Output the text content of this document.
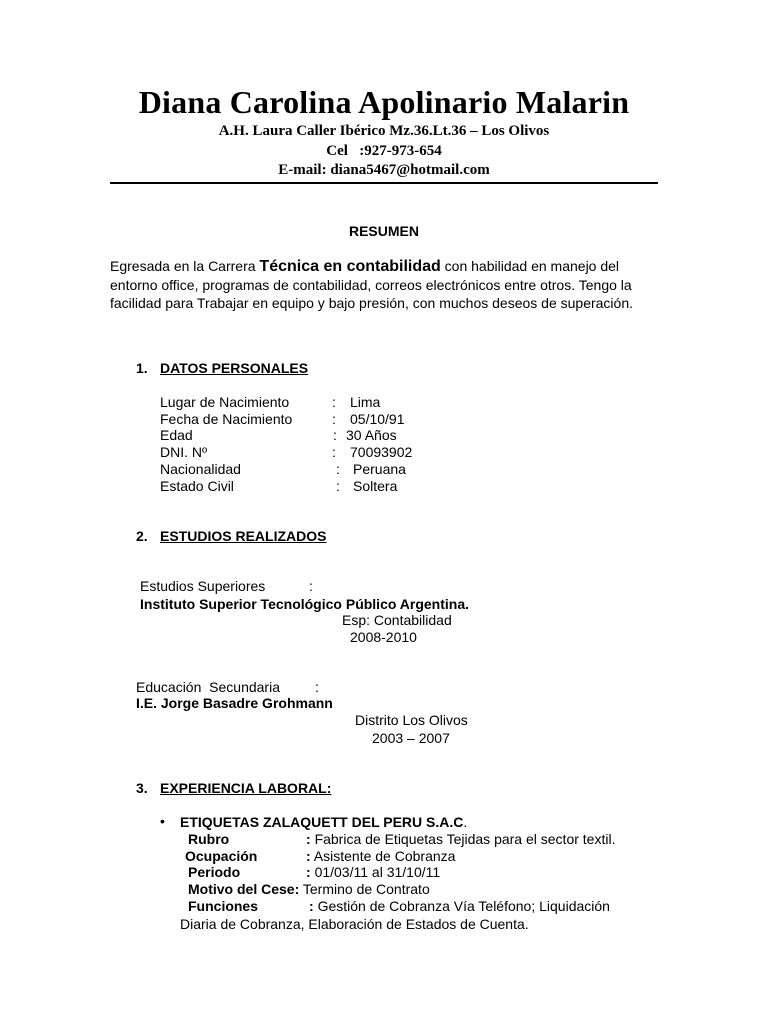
Diana Carolina Apolinario Malarin
A.H. Laura Caller Ibérico Mz.36.Lt.36 – Los Olivos
Cel   :927-973-654
E-mail: diana5467@hotmail.com
RESUMEN
Egresada en la Carrera Técnica en contabilidad con habilidad en manejo del entorno office, programas de contabilidad, correos electrónicos entre otros. Tengo la facilidad para Trabajar en equipo y bajo presión, con muchos deseos de superación.
1. DATOS PERSONALES
Lugar de Nacimiento	: Lima
Fecha de Nacimiento	: 05/10/91
Edad	: 30 Años
DNI. Nº	: 70093902
Nacionalidad	: Peruana
Estado Civil	: Soltera
2. ESTUDIOS REALIZADOS
Estudios Superiores	:
Instituto Superior Tecnológico Público Argentina.
Esp: Contabilidad
2008-2010
Educación  Secundaria	:
I.E. Jorge Basadre Grohmann
Distrito Los Olivos
2003 – 2007
3. EXPERIENCIA LABORAL:
• ETIQUETAS ZALAQUETT DEL PERU S.A.C.
Rubro	: Fabrica de Etiquetas Tejidas para el sector textil.
Ocupación	: Asistente de Cobranza
Periodo	: 01/03/11 al 31/10/11
Motivo del Cese: Termino de Contrato
Funciones	: Gestión de Cobranza Vía Teléfono; Liquidación
Diaria de Cobranza, Elaboración de Estados de Cuenta.
